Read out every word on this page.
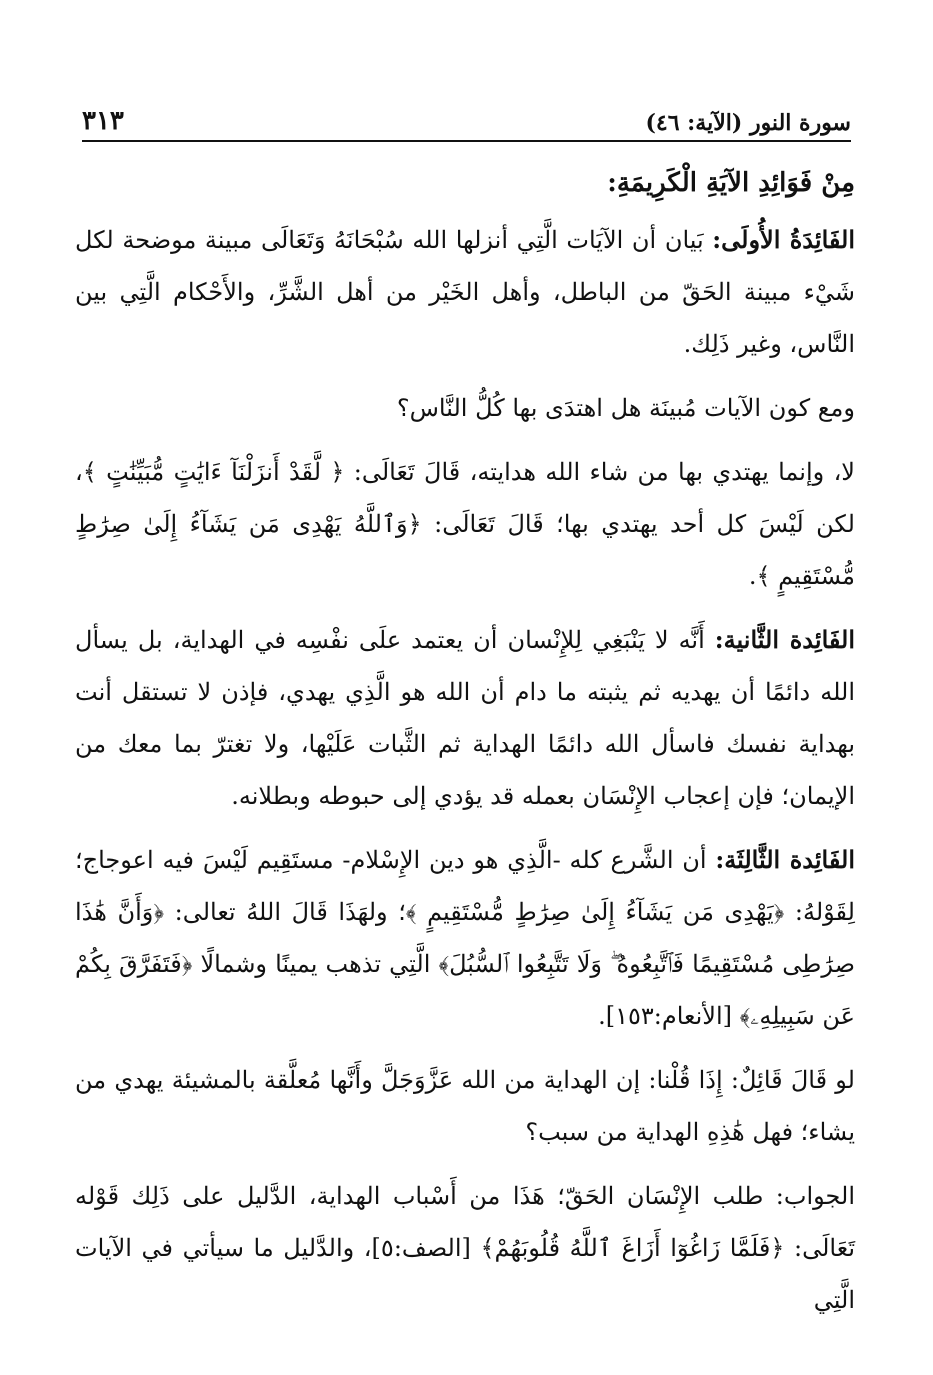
سورة النور (الآية: ٤٦)
٣١٣
مِنْ فَوَائِدِ الآيَةِ الْكَرِيمَةِ:

الفَائِدَةُ الأُولَى: بَيان أن الآيَات الَّتِي أنزلها الله سُبْحَانَهُ وَتَعَالَى مبينة موضحة لكل شَيْء مبينة الحَقّ من الباطل، وأهل الخَيْر من أهل الشَّرِّ، والأَحْكام الَّتِي بين النَّاس، وغير ذَلِك.

ومع كون الآيات مُبينَة هل اهتدَى بها كُلُّ النَّاس؟

لا، وإنما يهتدي بها من شاء الله هدايته، قَالَ تَعَالَى: ﴿ لَّقَدْ أَنزَلْنَآ ءَايَٰتٍ مُّبَيِّنَٰتٍ ﴾، لكن لَيْسَ كل أحد يهتدي بها؛ قَالَ تَعَالَى: ﴿وَٱللَّهُ يَهْدِى مَن يَشَآءُ إِلَىٰ صِرَٰطٍ مُّسْتَقِيمٍ ﴾.

الفَائِدة الثَّانية: أَنَّه لا يَنْبَغِي لِلإِنْسان أن يعتمد علَى نفْسِه في الهداية، بل يسأل الله دائمًا أن يهديه ثم يثبته ما دام أن الله هو الَّذِي يهدي، فإذن لا تستقل أنت بهداية نفسك فاسأل الله دائمًا الهداية ثم الثَّبات عَلَيْها، ولا تغترّ بما معك من الإيمان؛ فإن إعجاب الإِنْسَان بعمله قد يؤدي إلى حبوطه وبطلانه.

الفَائِدة الثَّالِثَة: أن الشَّرع كله -الَّذِي هو دين الإِسْلام- مستَقِيم لَيْسَ فيه اعوجاج؛ لِقَوْلهُ: ﴿يَهْدِى مَن يَشَآءُ إِلَىٰ صِرَٰطٍ مُّسْتَقِيمٍ ﴾؛ ولهَذَا قَالَ اللهُ تعالى: ﴿وَأَنَّ هَٰذَا صِرَٰطِى مُسْتَقِيمًا فَٱتَّبِعُوهُ ۖ وَلَا تَتَّبِعُوا ٱلسُّبُلَ﴾ الَّتِي تذهب يمينًا وشمالًا ﴿فَتَفَرَّقَ بِكُمْ عَن سَبِيلِهِۦ﴾ [الأنعام:١٥٣].

لو قَالَ قَائِلٌ: إِذَا قُلْنا: إن الهداية من الله عَزَّوَجَلَّ وأَنَّها مُعلَّقة بالمشيئة يهدي من يشاء؛ فهل هَٰذِهِ الهداية من سبب؟

الجواب: طلب الإِنْسَان الحَقّ؛ هَذَا من أَسْباب الهداية، الدَّليل على ذَلِك قَوْله تَعَالَى: ﴿فَلَمَّا زَاغُوٓا أَزَاغَ ٱللَّهُ قُلُوبَهُمْ﴾ [الصف:٥]، والدَّليل ما سيأتي في الآيات الَّتِي
